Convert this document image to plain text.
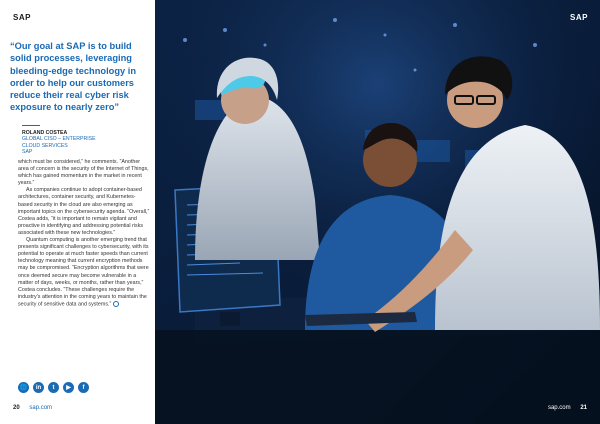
SAP
“Our goal at SAP is to build solid processes, leveraging bleeding-edge technology in order to help our customers reduce their real cyber risk exposure to nearly zero”
ROLAND COSTEA
GLOBAL CISO – ENTERPRISE
CLOUD SERVICES
SAP

which must be considered,” he comments. “Another area of concern is the security of the Internet of Things, which has gained momentum in the market in recent years.”

As companies continue to adopt container-based architectures, container security, and Kubernetes-based security in the cloud are also emerging as important topics on the cybersecurity agenda. “Overall,” Costea adds, “it is important to remain vigilant and proactive in identifying and addressing potential risks associated with these new technologies.”

Quantum computing is another emerging trend that presents significant challenges to cybersecurity, with its potential to operate at much faster speeds than current technology meaning that current encryption methods may be compromised. “Encryption algorithms that were once deemed secure may become vulnerable in a matter of days, weeks, or months, rather than years,” Costea concludes. “These challenges require the industry’s attention in the coming years to maintain the security of sensitive data and systems.”

🌐	in	t	▶	f
20 sap.com
SAP
sap.com 21
